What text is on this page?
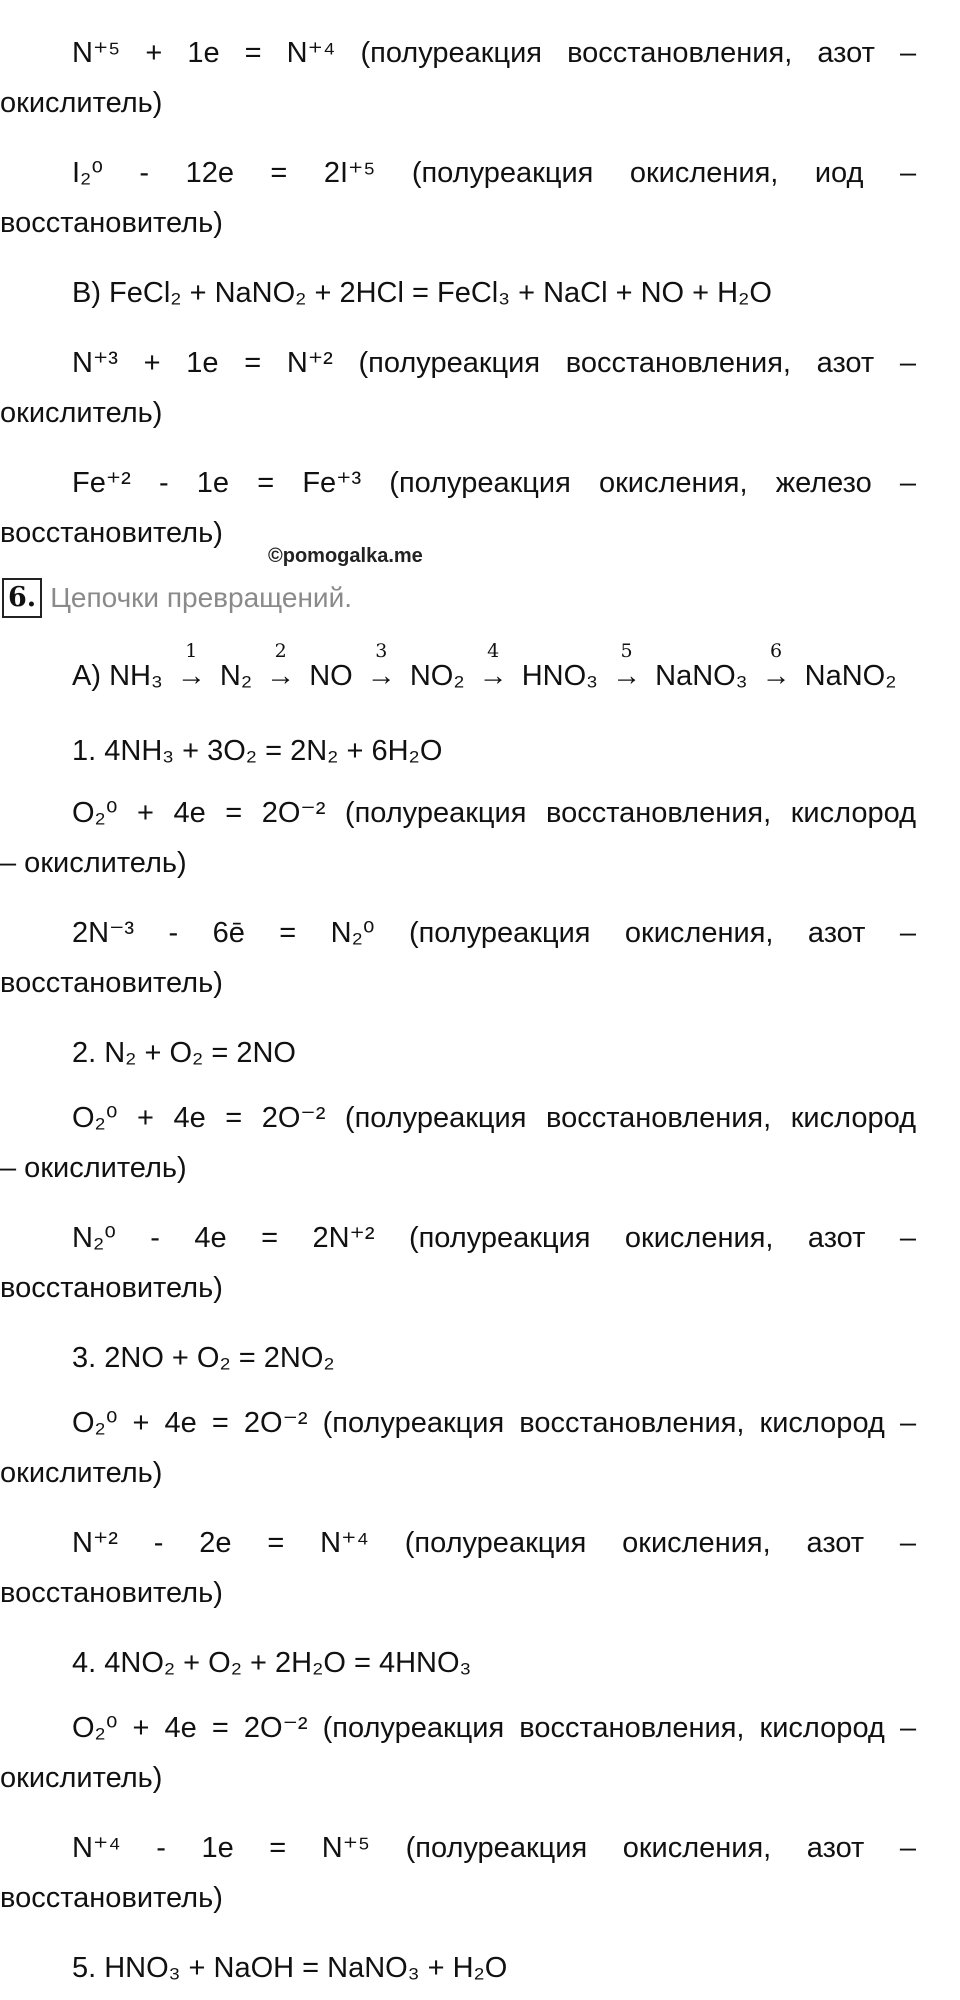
N⁺⁵ + 1e = N⁺⁴ (полуреакция восстановления, азот –
окислитель)
I₂⁰ - 12e = 2I⁺⁵ (полуреакция окисления, иод –
восстановитель)
В) FeCl₂ + NaNO₂ + 2HCl = FeCl₃ + NaCl + NO + H₂O
N⁺³ + 1e = N⁺² (полуреакция восстановления, азот –
окислитель)
Fe⁺² - 1e = Fe⁺³ (полуреакция окисления, железо –
восстановитель)
©pomogalka.me
6. Цепочки превращений.
А) NH₃
1
→ N₂
2
→ NO
3
→ NO₂
4
→ HNO₃
5
→ NaNO₃
6
→ NaNO₂
1. 4NH₃ + 3O₂ = 2N₂ + 6H₂O
O₂⁰ + 4e = 2O⁻² (полуреакция восстановления, кислород
– окислитель)
2N⁻³ - 6ē = N₂⁰ (полуреакция окисления, азот –
восстановитель)
2. N₂ + O₂ = 2NO
O₂⁰ + 4e = 2O⁻² (полуреакция восстановления, кислород
– окислитель)
N₂⁰ - 4e = 2N⁺² (полуреакция окисления, азот –
восстановитель)
3. 2NO + O₂ = 2NO₂
O₂⁰ + 4e = 2O⁻² (полуреакция восстановления, кислород –
окислитель)
N⁺² - 2e = N⁺⁴ (полуреакция окисления, азот –
восстановитель)
4. 4NO₂ + O₂ + 2H₂O = 4HNO₃
O₂⁰ + 4e = 2O⁻² (полуреакция восстановления, кислород –
окислитель)
N⁺⁴ - 1e = N⁺⁵ (полуреакция окисления, азот –
восстановитель)
5. HNO₃ + NaOH = NaNO₃ + H₂O
